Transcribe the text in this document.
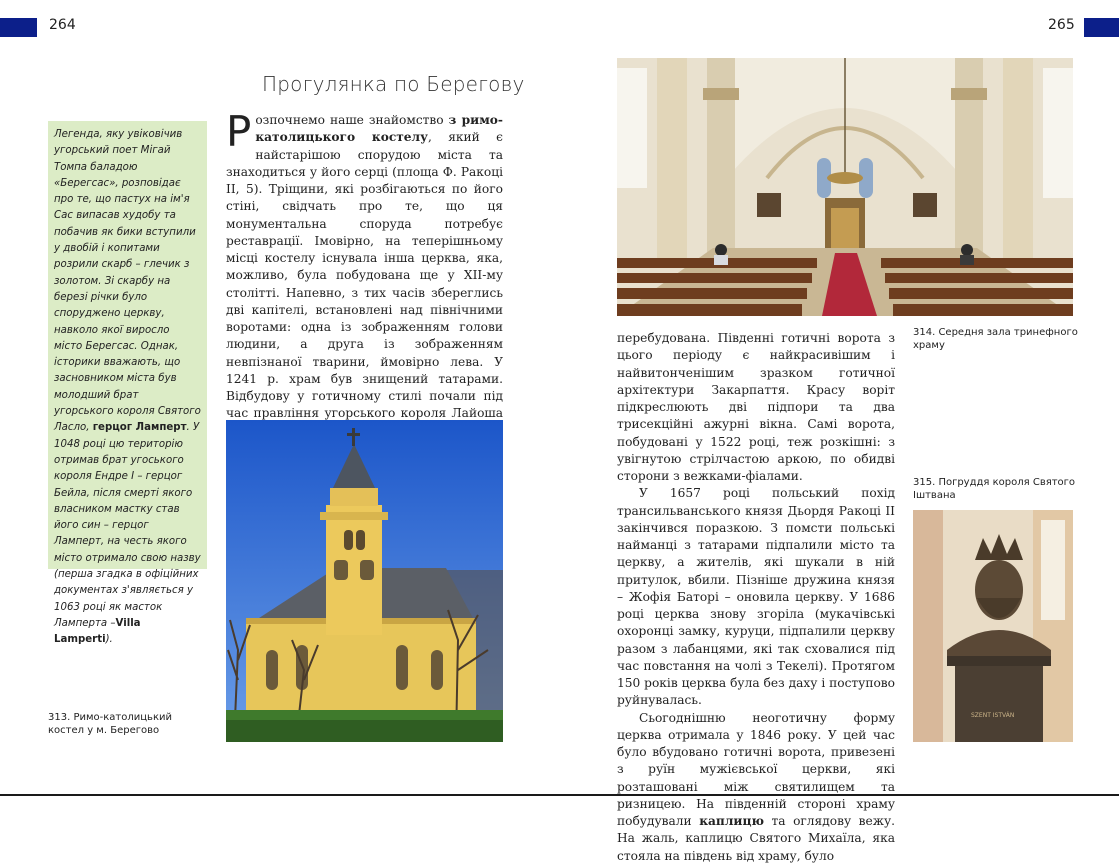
264	265
Прогулянка по Берегову
Легенда, яку увіковічив угорський поет Мігай Томпа баладою «Берегсас», розповідає про те, що пастух на ім'я Сас випасав худобу та побачив як бики вступили у двобій і копитами розрили скарб – глечик з золотом. Зі скарбу на березі річки було споруджено церкву, навколо якої виросло місто Берегсас. Однак, історики вважають, що засновником міста був молодший брат угорського короля Святого Ласло, герцог Ламперт. У 1048 році цю територію отримав брат угоського короля Ендре I – герцог Бейла, після смерті якого власником мастку став його син – герцог Ламперт, на честь якого місто отримало свою назву (перша згадка в офіційних документах з'являється у 1063 році як масток Ламперта –Villa Lamperti).

Розпочнемо наше знайомство з римо-католицького костелу, який є найстарішою спорудою міста та знаходиться у його серці (площа Ф. Ракоці II, 5). Тріщини, які розбігаються по його стіні, свідчать про те, що ця монументальна споруда потребує реставрації. Імовірно, на теперішньому місці костелу існувала інша церква, яка, можливо, була побудована ще у XII-му столітті. Напевно, з тих часів збереглись дві капітелі, встановлені над північними воротами: одна із зображенням голови людини, а друга із зображенням невпізнаної тварини, ймовірно лева. У 1241 р. храм був знищений татарами. Відбудову у готичному стилі почали під час правління угорського короля Лайоша

313. Римо-католицький костел у м. Берегово
314. Середня зала тринефного храму

перебудована. Південні готичні ворота з цього періоду є найкрасивішим і найвитонченішим зразком готичної архітектури Закарпаття. Красу воріт підкреслюють дві підпори та два трисекційні ажурні вікна. Самі ворота, побудовані у 1522 році, теж розкішні: з увігнутою стрілчастою аркою, по обидві сторони з вежками-фіалами.

У 1657 році польський похід трансильванського князя Дьордя Ракоці II закінчився поразкою. З помсти польські найманці з татарами підпалили місто та церкву, а жителів, які шукали в ній притулок, вбили. Пізніше дружина князя – Жофія Баторі – оновила церкву. У 1686 році церква знову згоріла (мукачівські охоронці замку, куруци, підпалили церкву разом з лабанцями, які так сховалися під час повстання на чолі з Текелі). Протягом 150 років церква була без даху і поступово руйнувалась.

Сьогоднішню неоготичну форму церква отримала у 1846 року. У цей час було вбудовано готичні ворота, привезені з руїн мужієвської церкви, які розташовані між святилищем та ризницею. На південній стороні храму побудували каплицю та оглядову вежу. На жаль, каплицю Святого Михаїла, яка стояла на південь від храму, було

315. Погруддя короля Святого Іштвана
SZENT ISTVÁN
